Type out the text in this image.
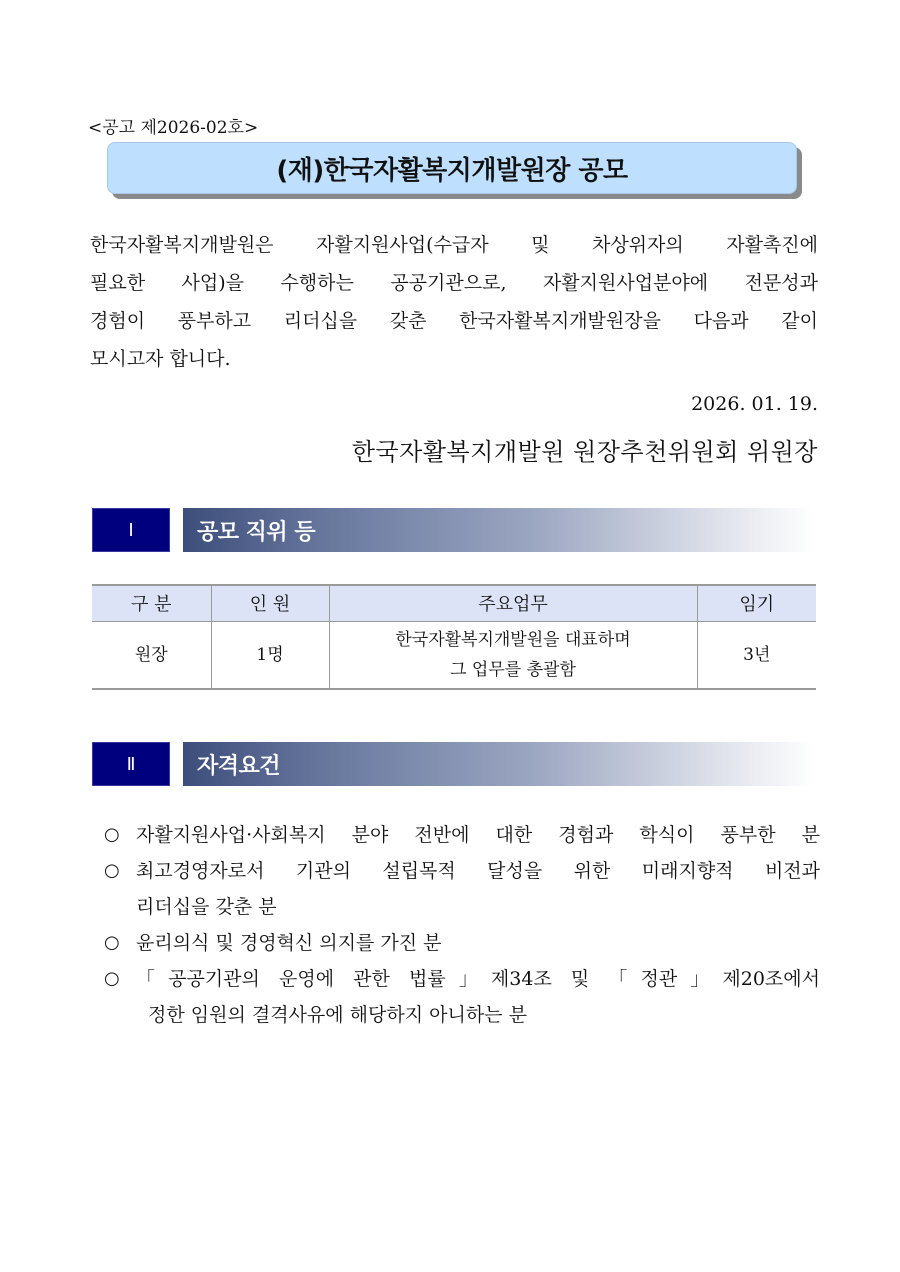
<공고 제2026-02호>
(재)한국자활복지개발원장 공모
한국자활복지개발원은 자활지원사업(수급자 및 차상위자의 자활촉진에
필요한 사업)을 수행하는 공공기관으로, 자활지원사업분야에 전문성과
경험이 풍부하고 리더십을 갖춘 한국자활복지개발원장을 다음과 같이
모시고자 합니다.
2026. 01. 19.
한국자활복지개발원 원장추천위원회 위원장
Ⅰ	공모 직위 등
구 분	인 원	주요업무	임기
원장	1명	한국자활복지개발원을 대표하며
그 업무를 총괄함	3년
Ⅱ	자격요건
○ 자활지원사업·사회복지 분야 전반에 대한 경험과 학식이 풍부한 분
○ 최고경영자로서 기관의 설립목적 달성을 위한 미래지향적 비전과
리더십을 갖춘 분
○ 윤리의식 및 경영혁신 의지를 가진 분
○ 「공공기관의 운영에 관한 법률」제34조 및 「정관」제20조에서
정한 임원의 결격사유에 해당하지 아니하는 분
